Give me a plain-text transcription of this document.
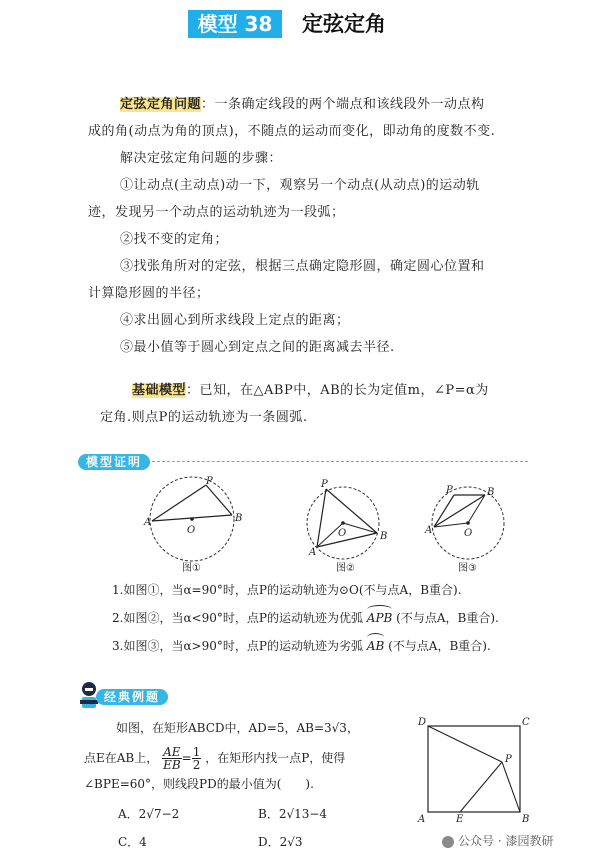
模型 38	定弦定角
定弦定角问题：一条确定线段的两个端点和该线段外一动点构
成的角(动点为角的顶点)，不随点的运动而变化，即动角的度数不变.
解决定弦定角问题的步骤：
①让动点(主动点)动一下，观察另一个动点(从动点)的运动轨
迹，发现另一个动点的运动轨迹为一段弧；
②找不变的定角；
③找张角所对的定弦，根据三点确定隐形圆，确定圆心位置和
计算隐形圆的半径；
④求出圆心到所求线段上定点的距离；
⑤最小值等于圆心到定点之间的距离减去半径.
基础模型：已知，在△ABP中，AB的长为定值m，∠P=α为
定角.则点P的运动轨迹为一条圆弧.
模型证明
A	B
P
O
图①
A
B
P
O
图②
A
B
P
O
图③
1.如图①，当α=90°时，点P的运动轨迹为⊙O(不与点A，B重合).
2.如图②，当α<90°时，点P的运动轨迹为优弧 APB (不与点A，B重合).
3.如图③，当α>90°时，点P的运动轨迹为劣弧 AB (不与点A，B重合).
经典例题
如图，在矩形ABCD中，AD=5，AB=3√3，
点E在AB上， $\frac{AE}{EB} = \frac{1}{2}$ ，在矩形内找一点P，使得
∠BPE=60°，则线段PD的最小值为(　　).
A．2√7−2	B．2√13−4
C．4	D．2√3
D	C
A	B
E
P
公众号 · 漆园教研
